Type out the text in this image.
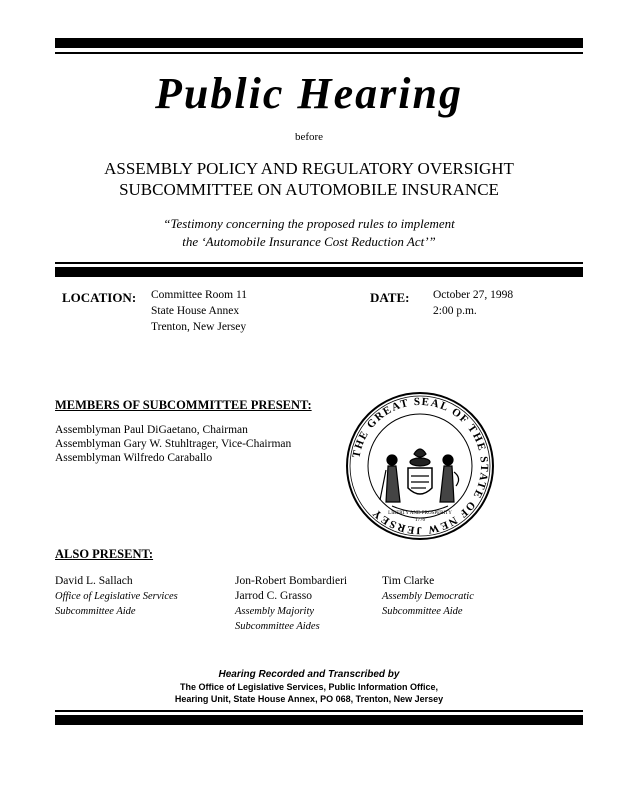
Public Hearing
before
ASSEMBLY POLICY AND REGULATORY OVERSIGHT
SUBCOMMITTEE ON AUTOMOBILE INSURANCE
“Testimony concerning the proposed rules to implement
the ‘Automobile Insurance Cost Reduction Act’”
LOCATION: Committee Room 11
State House Annex
Trenton, New Jersey
DATE: October 27, 1998
2:00 p.m.
MEMBERS OF SUBCOMMITTEE PRESENT:
Assemblyman Paul DiGaetano, Chairman
Assemblyman Gary W. Stuhltrager, Vice-Chairman
Assemblyman Wilfredo Caraballo	THE GREAT SEAL OF THE STATE OF NEW JERSEY LIBERTY AND PROSPERITY
1776
ALSO PRESENT:
David L. Sallach
Office of Legislative Services
Subcommittee Aide
Jon-Robert Bombardieri
Jarrod C. Grasso
Assembly Majority
Subcommittee Aides
Tim Clarke
Assembly Democratic
Subcommittee Aide
Hearing Recorded and Transcribed by
The Office of Legislative Services, Public Information Office,
Hearing Unit, State House Annex, PO 068, Trenton, New Jersey
